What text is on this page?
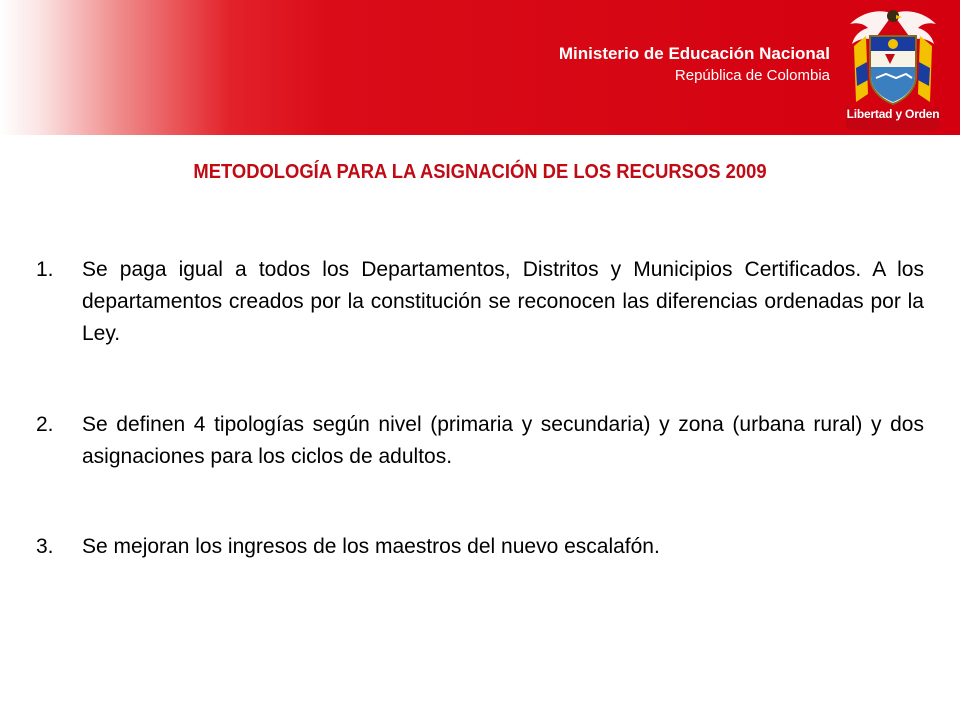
Ministerio de Educación Nacional
República de Colombia
Libertad y Orden
METODOLOGÍA PARA LA ASIGNACIÓN DE LOS RECURSOS 2009
1. Se paga igual a todos los Departamentos, Distritos y Municipios Certificados. A los departamentos creados por la constitución se reconocen las diferencias ordenadas por la Ley.
2. Se definen 4 tipologías según nivel (primaria y secundaria) y zona (urbana rural) y dos asignaciones para los ciclos de adultos.
3. Se mejoran los ingresos de los maestros del nuevo escalafón.
